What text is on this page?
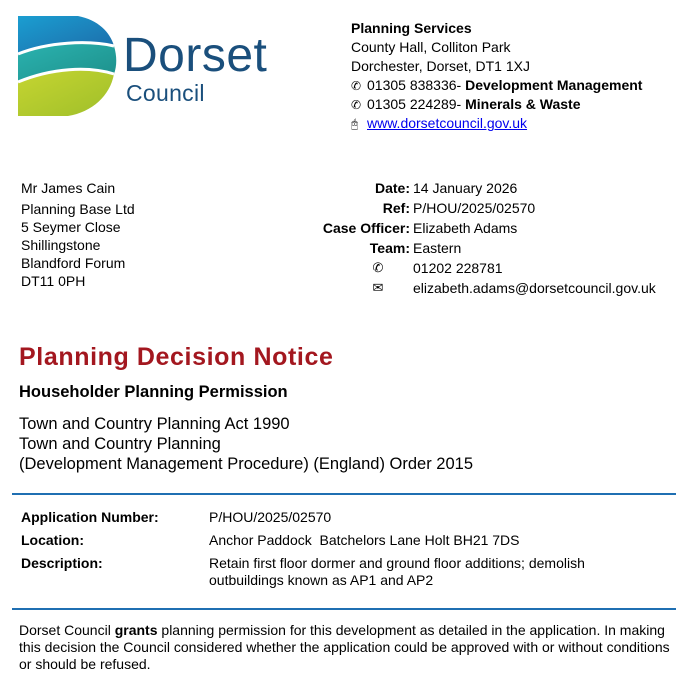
Dorset
Council
Planning Services
County Hall, Colliton Park
Dorchester, Dorset, DT1 1XJ
✆ 01305 838336- Development Management
✆ 01305 224289- Minerals & Waste
🖰 www.dorsetcouncil.gov.uk
Mr James Cain
Planning Base Ltd
5 Seymer Close
Shillingstone
Blandford Forum
DT11 0PH
Date: 14 January 2026
Ref: P/HOU/2025/02570
Case Officer: Elizabeth Adams
Team: Eastern
✆ 01202 228781
✉ elizabeth.adams@dorsetcouncil.gov.uk
Planning Decision Notice
Householder Planning Permission
Town and Country Planning Act 1990
Town and Country Planning
(Development Management Procedure) (England) Order 2015
Application Number:	P/HOU/2025/02570
Location:	Anchor Paddock  Batchelors Lane Holt BH21 7DS
Description:	Retain first floor dormer and ground floor additions; demolish
outbuildings known as AP1 and AP2
Dorset Council grants planning permission for this development as detailed in the application. In making this decision the Council considered whether the application could be approved with or without conditions or should be refused.
